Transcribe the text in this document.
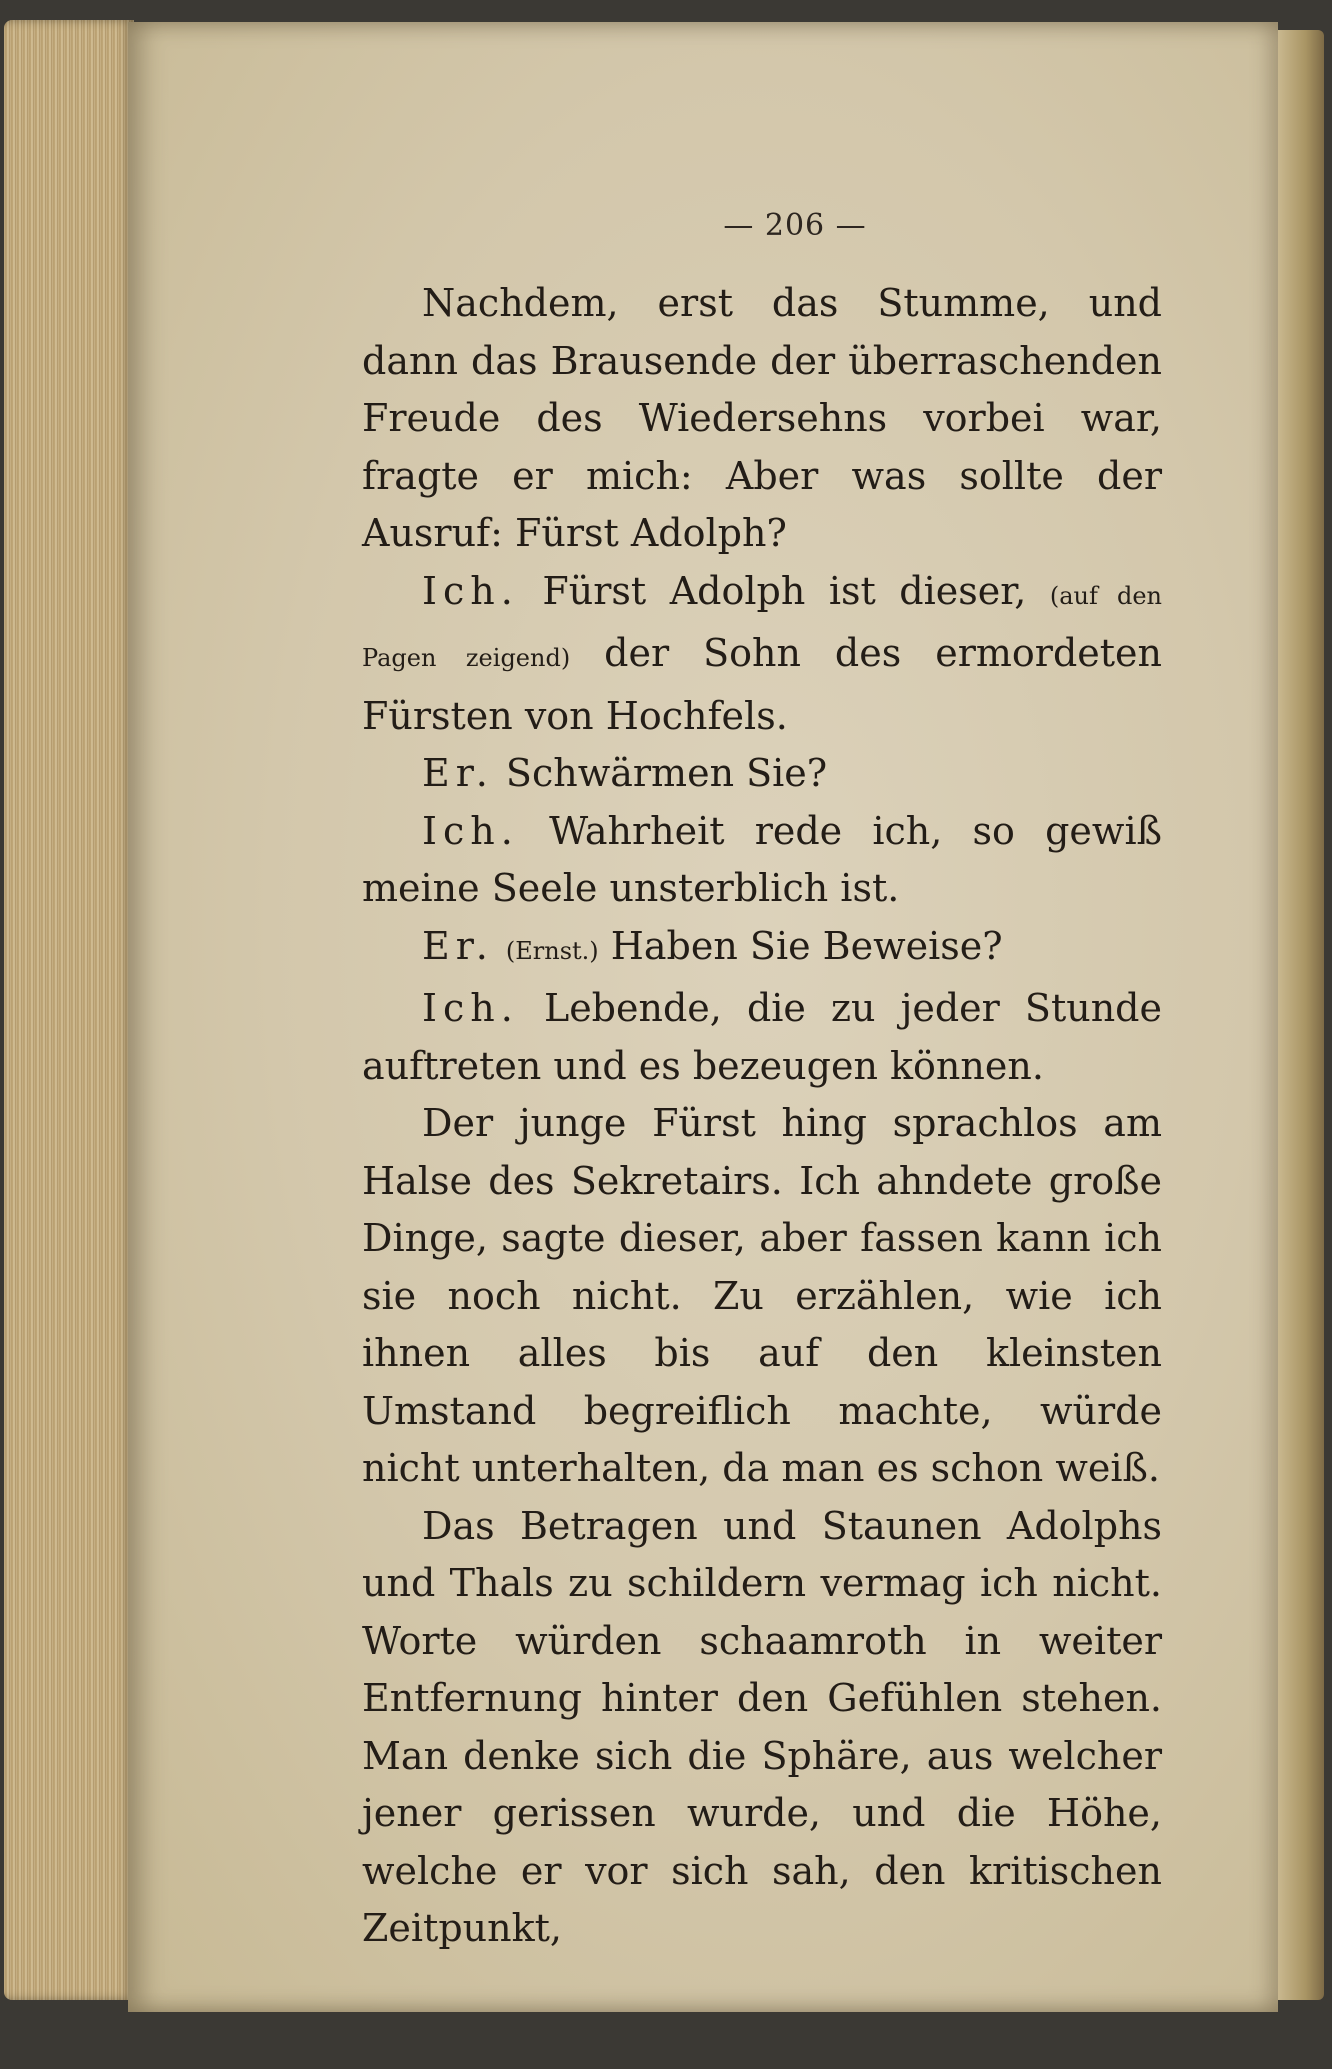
— 206 —

Nachdem, erst das Stumme, und dann das Brausende der überraschenden Freude des Wiedersehns vorbei war, fragte er mich: Aber was sollte der Ausruf: Fürst Adolph?

Ich. Fürst Adolph ist dieser, (auf den Pagen zeigend) der Sohn des ermordeten Fürsten von Hochfels.

Er. Schwärmen Sie?

Ich. Wahrheit rede ich, so gewiß meine Seele unsterblich ist.

Er. (Ernst.) Haben Sie Beweise?

Ich. Lebende, die zu jeder Stunde auftreten und es bezeugen können.

Der junge Fürst hing sprachlos am Halse des Sekretairs. Ich ahndete große Dinge, sagte dieser, aber fassen kann ich sie noch nicht. Zu erzählen, wie ich ihnen alles bis auf den kleinsten Umstand begreiflich machte, würde nicht unterhalten, da man es schon weiß.

Das Betragen und Staunen Adolphs und Thals zu schildern vermag ich nicht. Worte würden schaamroth in weiter Entfernung hinter den Gefühlen stehen. Man denke sich die Sphäre, aus welcher jener gerissen wurde, und die Höhe, welche er vor sich sah, den kritischen Zeitpunkt,
